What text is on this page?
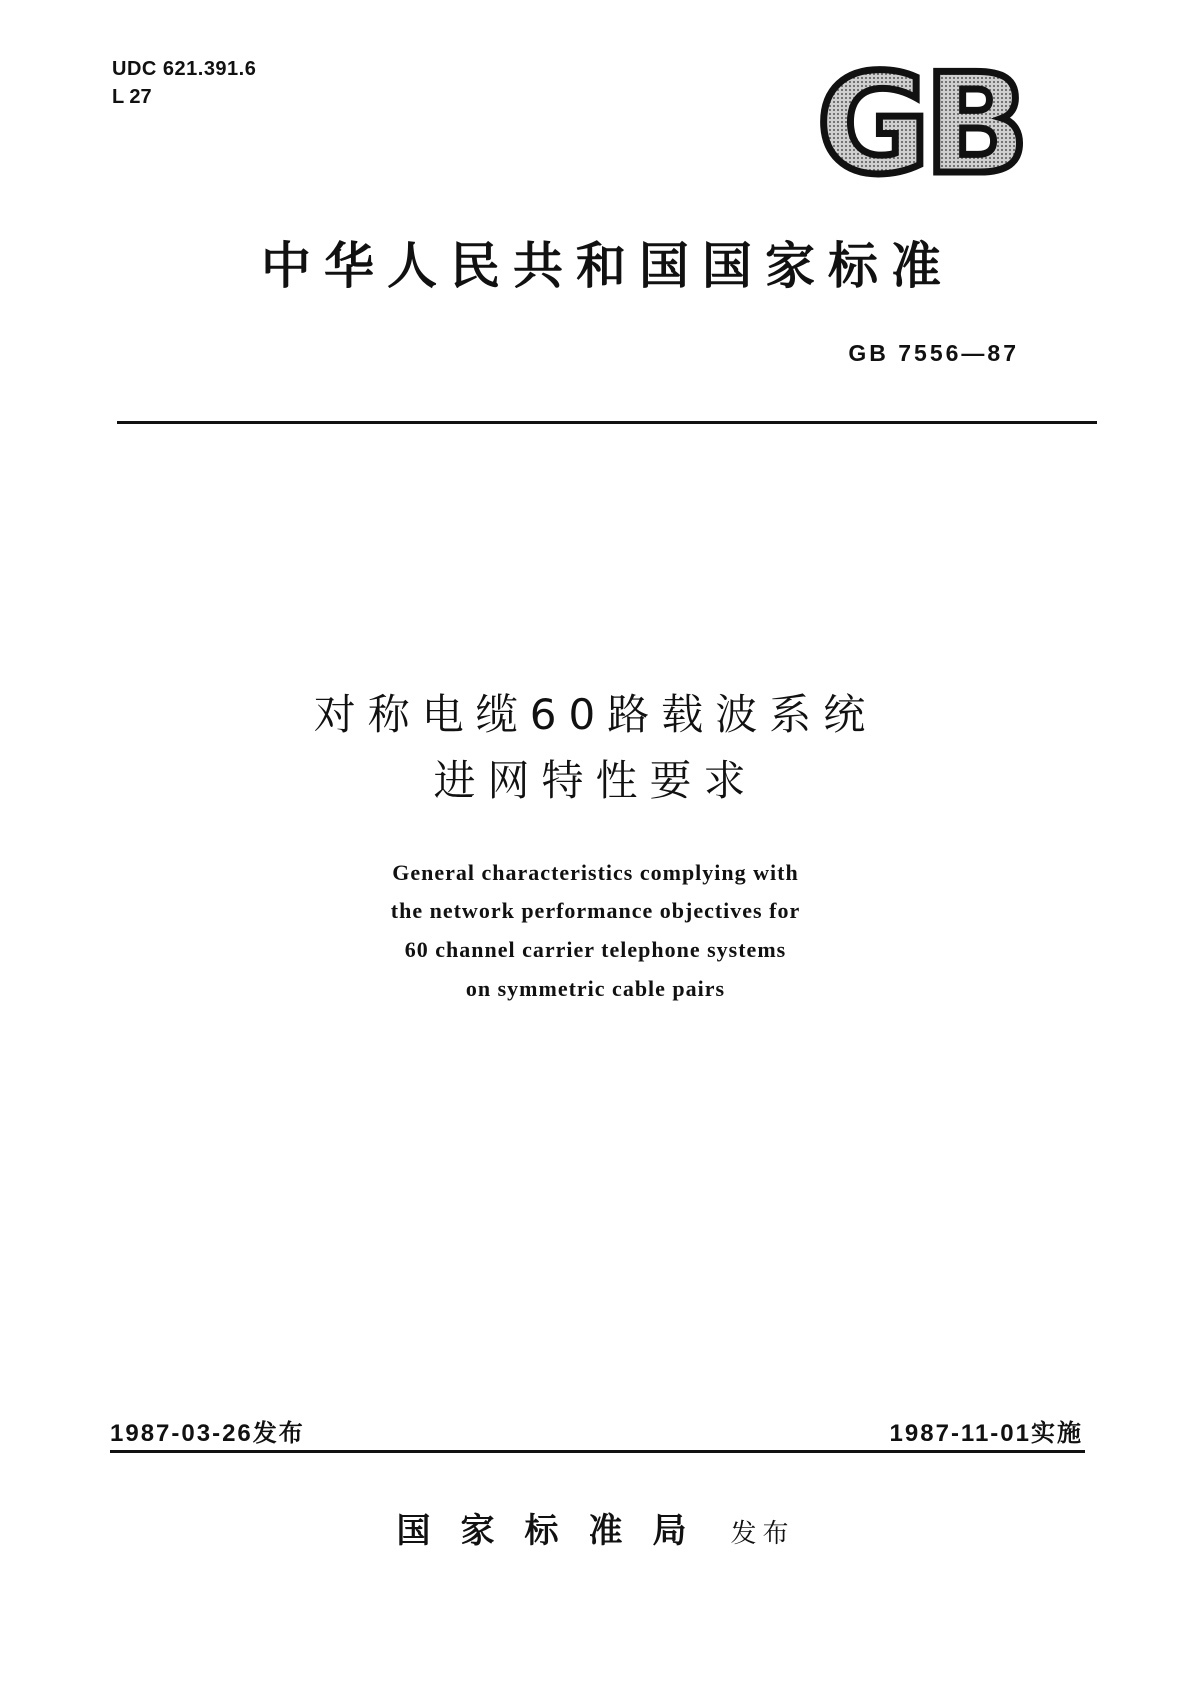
UDC 621.391.6
L 27	GB
中华人民共和国国家标准
GB 7556—87
对称电缆60路载波系统
进网特性要求
General characteristics complying with
the network performance objectives for
60 channel carrier telephone systems
on symmetric cable pairs
1987-03-26发布	1987-11-01实施
国家标准局 发布
